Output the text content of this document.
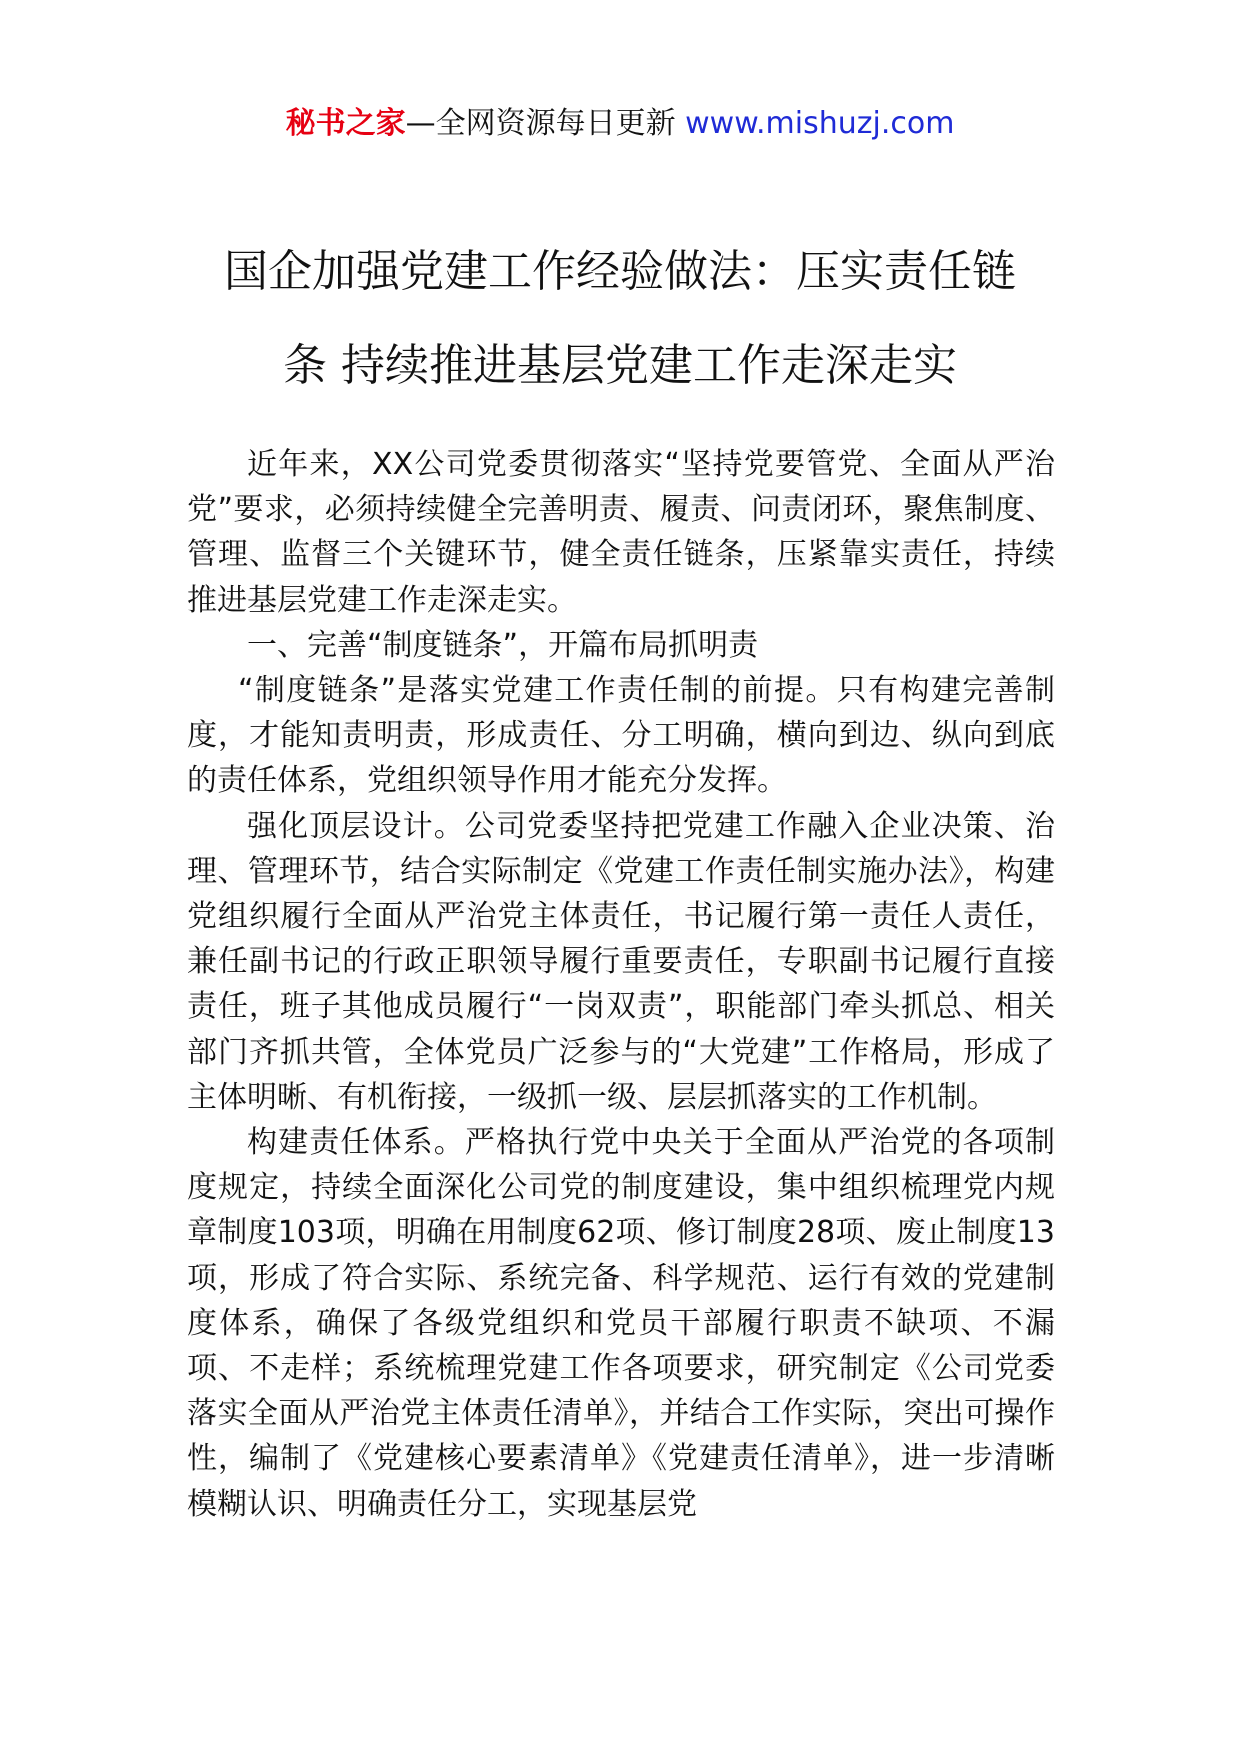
秘书之家—全网资源每日更新 www.mishuzj.com
国企加强党建工作经验做法：压实责任链
条 持续推进基层党建工作走深走实

近年来，XX公司党委贯彻落实“坚持党要管党、全面从严治党”要求，必须持续健全完善明责、履责、问责闭环，聚焦制度、管理、监督三个关键环节，健全责任链条，压紧靠实责任，持续推进基层党建工作走深走实。

一、完善“制度链条”，开篇布局抓明责

“制度链条”是落实党建工作责任制的前提。只有构建完善制度，才能知责明责，形成责任、分工明确，横向到边、纵向到底的责任体系，党组织领导作用才能充分发挥。

强化顶层设计。公司党委坚持把党建工作融入企业决策、治理、管理环节，结合实际制定《党建工作责任制实施办法》，构建党组织履行全面从严治党主体责任，书记履行第一责任人责任，兼任副书记的行政正职领导履行重要责任，专职副书记履行直接责任，班子其他成员履行“一岗双责”，职能部门牵头抓总、相关部门齐抓共管，全体党员广泛参与的“大党建”工作格局，形成了主体明晰、有机衔接，一级抓一级、层层抓落实的工作机制。

构建责任体系。严格执行党中央关于全面从严治党的各项制度规定，持续全面深化公司党的制度建设，集中组织梳理党内规章制度103项，明确在用制度62项、修订制度28项、废止制度13项，形成了符合实际、系统完备、科学规范、运行有效的党建制度体系，确保了各级党组织和党员干部履行职责不缺项、不漏项、不走样；系统梳理党建工作各项要求，研究制定《公司党委落实全面从严治党主体责任清单》，并结合工作实际，突出可操作性，编制了《党建核心要素清单》《党建责任清单》，进一步清晰模糊认识、明确责任分工，实现基层党
